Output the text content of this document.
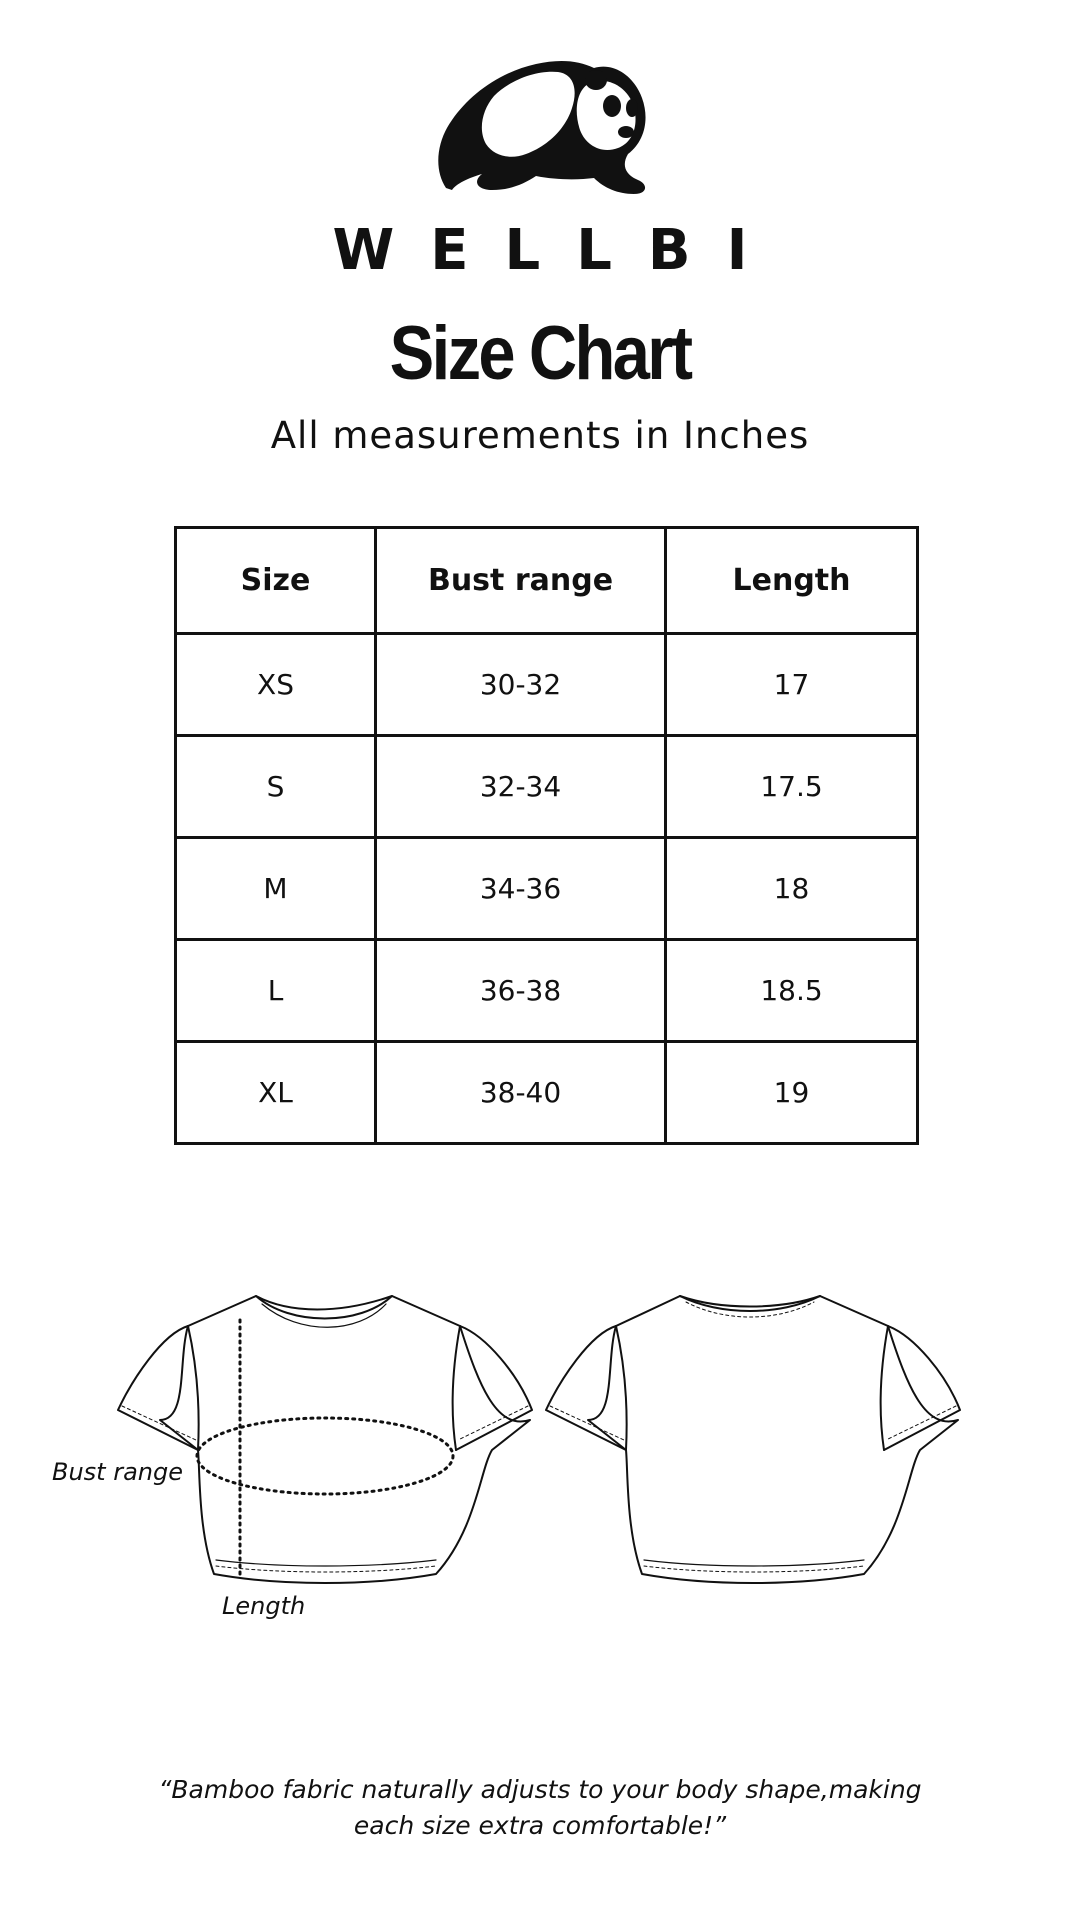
WELLBI
Size Chart
All measurements in Inches
Size	Bust range	Length
XS	30-32	17
S	32-34	17.5
M	34-36	18
L	36-38	18.5
XL	38-40	19
Bust range
Length
“Bamboo fabric naturally adjusts to your body shape,making
each size extra comfortable!”
